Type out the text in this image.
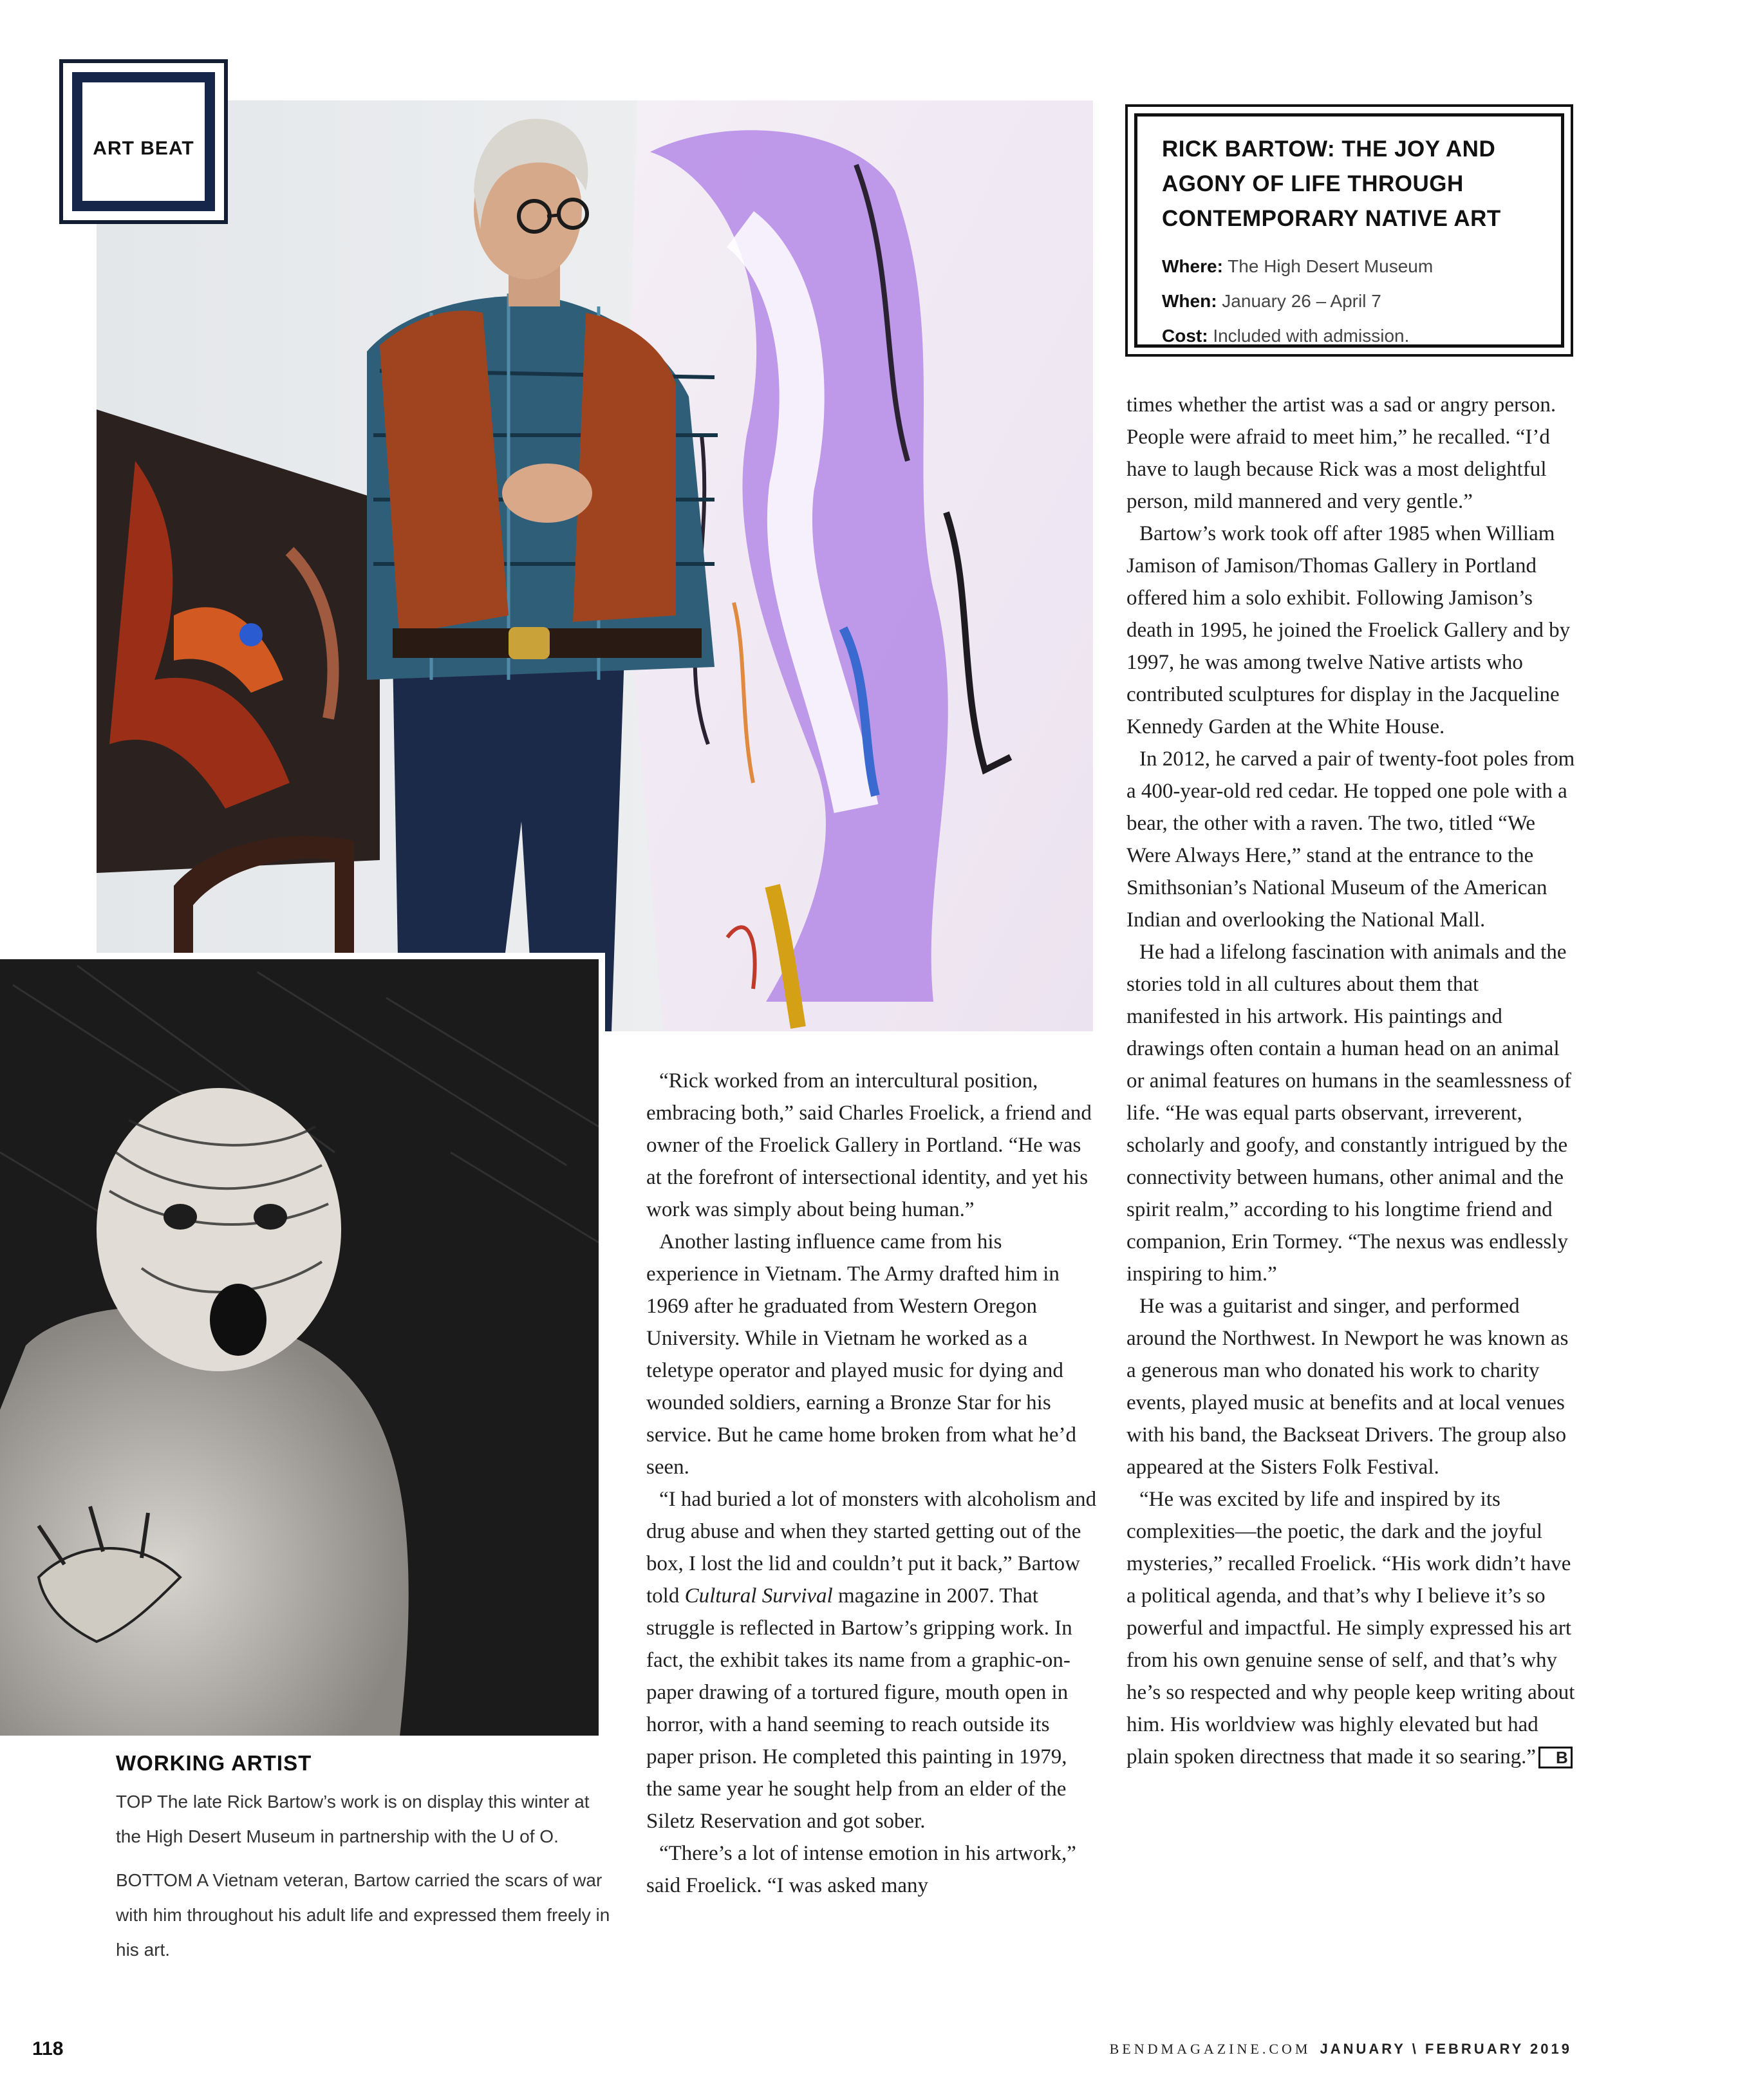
ART BEAT	RICK BARTOW: THE JOY AND AGONY OF LIFE THROUGH CONTEMPORARY NATIVE ART
Where: The High Desert Museum
When: January 26 – April 7
Cost: Included with admission.

“Rick worked from an intercultural position, embracing both,” said Charles Froelick, a friend and owner of the Froelick Gallery in Portland. “He was at the forefront of intersectional identity, and yet his work was simply about being human.”

Another lasting influence came from his experience in Vietnam. The Army drafted him in 1969 after he graduated from Western Oregon University. While in Vietnam he worked as a teletype operator and played music for dying and wounded soldiers, earning a Bronze Star for his service. But he came home broken from what he’d seen.

“I had buried a lot of monsters with alcoholism and drug abuse and when they started getting out of the box, I lost the lid and couldn’t put it back,” Bartow told Cultural Survival magazine in 2007. That struggle is reflected in Bartow’s gripping work. In fact, the exhibit takes its name from a graphic-on-paper drawing of a tortured figure, mouth open in horror, with a hand seeming to reach outside its paper prison. He completed this painting in 1979, the same year he sought help from an elder of the Siletz Reservation and got sober.

“There’s a lot of intense emotion in his artwork,” said Froelick. “I was asked many

times whether the artist was a sad or angry person. People were afraid to meet him,” he recalled. “I’d have to laugh because Rick was a most delightful person, mild mannered and very gentle.”

Bartow’s work took off after 1985 when William Jamison of Jamison/Thomas Gallery in Portland offered him a solo exhibit. Following Jamison’s death in 1995, he joined the Froelick Gallery and by 1997, he was among twelve Native artists who contributed sculptures for display in the Jacqueline Kennedy Garden at the White House.

In 2012, he carved a pair of twenty-foot poles from a 400-year-old red cedar. He topped one pole with a bear, the other with a raven. The two, titled “We Were Always Here,” stand at the entrance to the Smithsonian’s National Museum of the American Indian and overlooking the National Mall.

He had a lifelong fascination with animals and the stories told in all cultures about them that manifested in his artwork. His paintings and drawings often contain a human head on an animal or animal features on humans in the seamlessness of life. “He was equal parts observant, irreverent, scholarly and goofy, and constantly intrigued by the connectivity between humans, other animal and the spirit realm,” according to his longtime friend and companion, Erin Tormey. “The nexus was endlessly inspiring to him.”

He was a guitarist and singer, and performed around the Northwest. In Newport he was known as a generous man who donated his work to charity events, played music at benefits and at local venues with his band, the Backseat Drivers. The group also appeared at the Sisters Folk Festival.

“He was excited by life and inspired by its complexities—the poetic, the dark and the joyful mysteries,” recalled Froelick. “His work didn’t have a political agenda, and that’s why I believe it’s so powerful and impactful. He simply expressed his art from his own genuine sense of self, and that’s why he’s so respected and why people keep writing about him. His worldview was highly elevated but had plain spoken directness that made it so searing.” B

WORKING ARTIST
TOP The late Rick Bartow’s work is on display this winter at the High Desert Museum in partnership with the U of O.
BOTTOM A Vietnam veteran, Bartow carried the scars of war with him throughout his adult life and expressed them freely in his art.
118	BENDMAGAZINE.COM JANUARY \ FEBRUARY 2019
